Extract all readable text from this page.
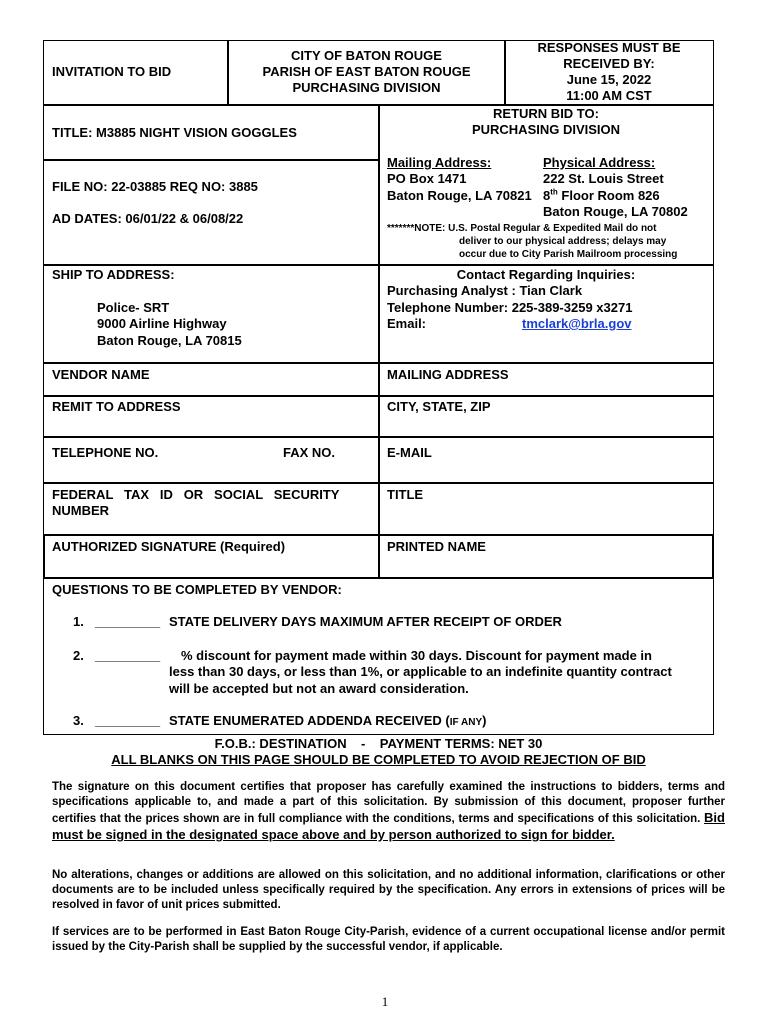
INVITATION TO BID
CITY OF BATON ROUGE
PARISH OF EAST BATON ROUGE
PURCHASING DIVISION
RESPONSES MUST BE
RECEIVED BY:
June 15, 2022
11:00 AM CST
TITLE: M3885 NIGHT VISION GOGGLES
RETURN BID TO:
PURCHASING DIVISION
FILE NO: 22-03885 REQ NO: 3885
AD DATES: 06/01/22 & 06/08/22
Mailing Address:
PO Box 1471
Baton Rouge, LA 70821
Physical Address:
222 St. Louis Street
8th Floor Room 826
Baton Rouge, LA 70802
*******NOTE: U.S. Postal Regular & Expedited Mail do not
deliver to our physical address; delays may
occur due to City Parish Mailroom processing
SHIP TO ADDRESS:
Police- SRT
9000 Airline Highway
Baton Rouge, LA 70815
Contact Regarding Inquiries:
Purchasing Analyst : Tian Clark
Telephone Number: 225-389-3259 x3271
Email:	tmclark@brla.gov
VENDOR NAME	MAILING ADDRESS
REMIT TO ADDRESS	CITY, STATE, ZIP
TELEPHONE NO.	FAX NO.	E-MAIL
FEDERAL   TAX   ID   OR   SOCIAL   SECURITY
NUMBER
TITLE
AUTHORIZED SIGNATURE (Required)	PRINTED NAME
QUESTIONS TO BE COMPLETED BY VENDOR:
1. _________ STATE DELIVERY DAYS MAXIMUM AFTER RECEIPT OF ORDER
2. _________ % discount for payment made within 30 days. Discount for payment made in
less than 30 days, or less than 1%, or applicable to an indefinite quantity contract
will be accepted but not an award consideration.
3. _________ STATE ENUMERATED ADDENDA RECEIVED (IF ANY)
F.O.B.: DESTINATION    -    PAYMENT TERMS: NET 30
ALL BLANKS ON THIS PAGE SHOULD BE COMPLETED TO AVOID REJECTION OF BID
The signature on this document certifies that proposer has carefully examined the instructions to bidders, terms and specifications applicable to, and made a part of this solicitation. By submission of this document, proposer further certifies that the prices shown are in full compliance with the conditions, terms and specifications of this solicitation. Bid must be signed in the designated space above and by person authorized to sign for bidder.
No alterations, changes or additions are allowed on this solicitation, and no additional information, clarifications or other documents are to be included unless specifically required by the specification. Any errors in extensions of prices will be resolved in favor of unit prices submitted.
If services are to be performed in East Baton Rouge City-Parish, evidence of a current occupational license and/or permit issued by the City-Parish shall be supplied by the successful vendor, if applicable.
1
